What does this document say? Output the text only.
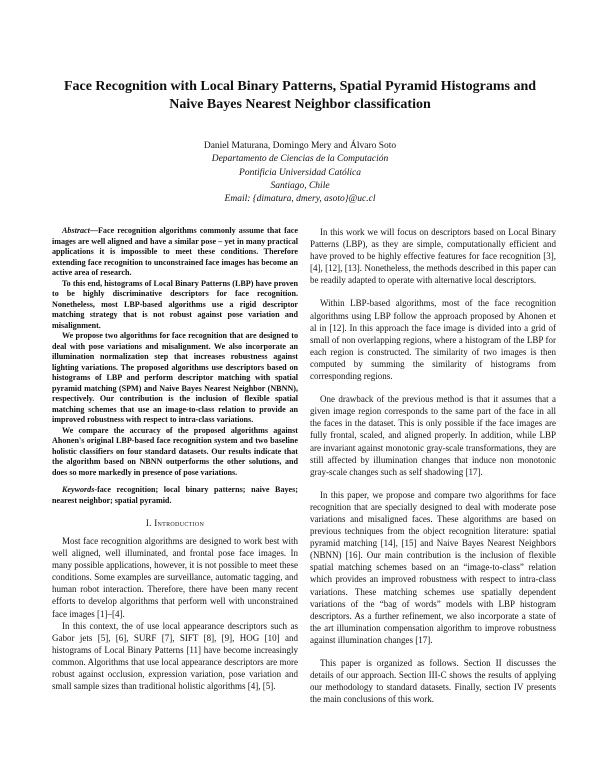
Face Recognition with Local Binary Patterns, Spatial Pyramid Histograms and
Naive Bayes Nearest Neighbor classification
Daniel Maturana, Domingo Mery and Álvaro Soto
Departamento de Ciencias de la Computación
Pontificia Universidad Católica
Santiago, Chile
Email: {dimatura, dmery, asoto}@uc.cl

Abstract—Face recognition algorithms commonly assume that face images are well aligned and have a similar pose – yet in many practical applications it is impossible to meet these conditions. Therefore extending face recognition to unconstrained face images has become an active area of research.

To this end, histograms of Local Binary Patterns (LBP) have proven to be highly discriminative descriptors for face recognition. Nonetheless, most LBP-based algorithms use a rigid descriptor matching strategy that is not robust against pose variation and misalignment.

We propose two algorithms for face recognition that are designed to deal with pose variations and misalignment. We also incorporate an illumination normalization step that increases robustness against lighting variations. The proposed algorithms use descriptors based on histograms of LBP and perform descriptor matching with spatial pyramid matching (SPM) and Naive Bayes Nearest Neighbor (NBNN), respectively. Our contribution is the inclusion of flexible spatial matching schemes that use an image-to-class relation to provide an improved robustness with respect to intra-class variations.

We compare the accuracy of the proposed algorithms against Ahonen's original LBP-based face recognition system and two baseline holistic classifiers on four standard datasets. Our results indicate that the algorithm based on NBNN outperforms the other solutions, and does so more markedly in presence of pose variations.

Keywords-face recognition; local binary patterns; naive Bayes; nearest neighbor; spatial pyramid.
I. Introduction

Most face recognition algorithms are designed to work best with well aligned, well illuminated, and frontal pose face images. In many possible applications, however, it is not possible to meet these conditions. Some examples are surveillance, automatic tagging, and human robot interaction. Therefore, there have been many recent efforts to develop algorithms that perform well with unconstrained face images [1]–[4].

In this context, the of use local appearance descriptors such as Gabor jets [5], [6], SURF [7], SIFT [8], [9], HOG [10] and histograms of Local Binary Patterns [11] have become increasingly common. Algorithms that use local appearance descriptors are more robust against occlusion, expression variation, pose variation and small sample sizes than traditional holistic algorithms [4], [5].

In this work we will focus on descriptors based on Local Binary Patterns (LBP), as they are simple, computationally efficient and have proved to be highly effective features for face recognition [3], [4], [12], [13]. Nonetheless, the methods described in this paper can be readily adapted to operate with alternative local descriptors.

Within LBP-based algorithms, most of the face recognition algorithms using LBP follow the approach proposed by Ahonen et al in [12]. In this approach the face image is divided into a grid of small of non overlapping regions, where a histogram of the LBP for each region is constructed. The similarity of two images is then computed by summing the similarity of histograms from corresponding regions.

One drawback of the previous method is that it assumes that a given image region corresponds to the same part of the face in all the faces in the dataset. This is only possible if the face images are fully frontal, scaled, and aligned properly. In addition, while LBP are invariant against monotonic gray-scale transformations, they are still affected by illumination changes that induce non monotonic gray-scale changes such as self shadowing [17].

In this paper, we propose and compare two algorithms for face recognition that are specially designed to deal with moderate pose variations and misaligned faces. These algorithms are based on previous techniques from the object recognition literature: spatial pyramid matching [14], [15] and Naive Bayes Nearest Neighbors (NBNN) [16]. Our main contribution is the inclusion of flexible spatial matching schemes based on an “image-to-class” relation which provides an improved robustness with respect to intra-class variations. These matching schemes use spatially dependent variations of the “bag of words” models with LBP histogram descriptors. As a further refinement, we also incorporate a state of the art illumination compensation algorithm to improve robustness against illumination changes [17].

This paper is organized as follows. Section II discusses the details of our approach. Section III-C shows the results of applying our methodology to standard datasets. Finally, section IV presents the main conclusions of this work.
